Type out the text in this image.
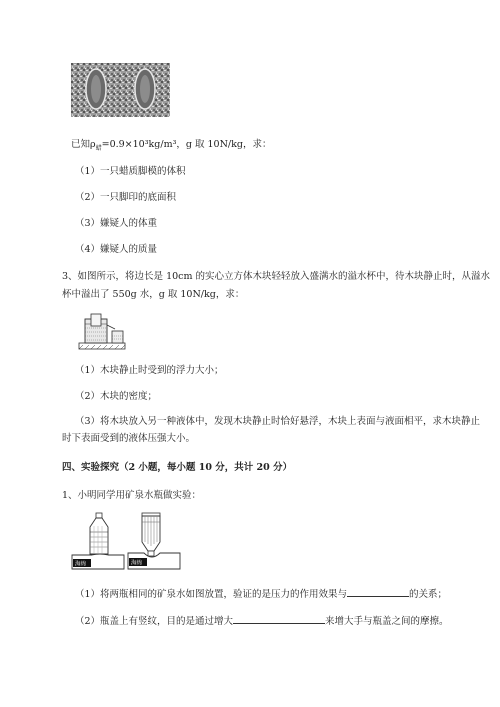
已知$\rho_蜡=0.9\times 10^3kg/m^3$，g 取 10N/kg，求：
（1）一只蜡质脚模的体积
（2）一只脚印的底面积
（3）嫌疑人的体重
（4）嫌疑人的质量
3、如图所示，将边长是 10cm 的实心立方体木块轻轻放入盛满水的溢水杯中，待木块静止时，从溢水
杯中溢出了 550g 水，g 取 10N/kg，求：
（1）木块静止时受到的浮力大小；
（2）木块的密度；
（3）将木块放入另一种液体中，发现木块静止时恰好悬浮，木块上表面与液面相平，求木块静止
时下表面受到的液体压强大小。
四、实验探究（2 小题，每小题 10 分，共计 20 分）
1、小明同学用矿泉水瓶做实验：
海绵	海绵
（1）将两瓶相同的矿泉水如图放置，验证的是压力的作用效果与	的关系；
（2）瓶盖上有竖纹，目的是通过增大	来增大手与瓶盖之间的摩擦。
